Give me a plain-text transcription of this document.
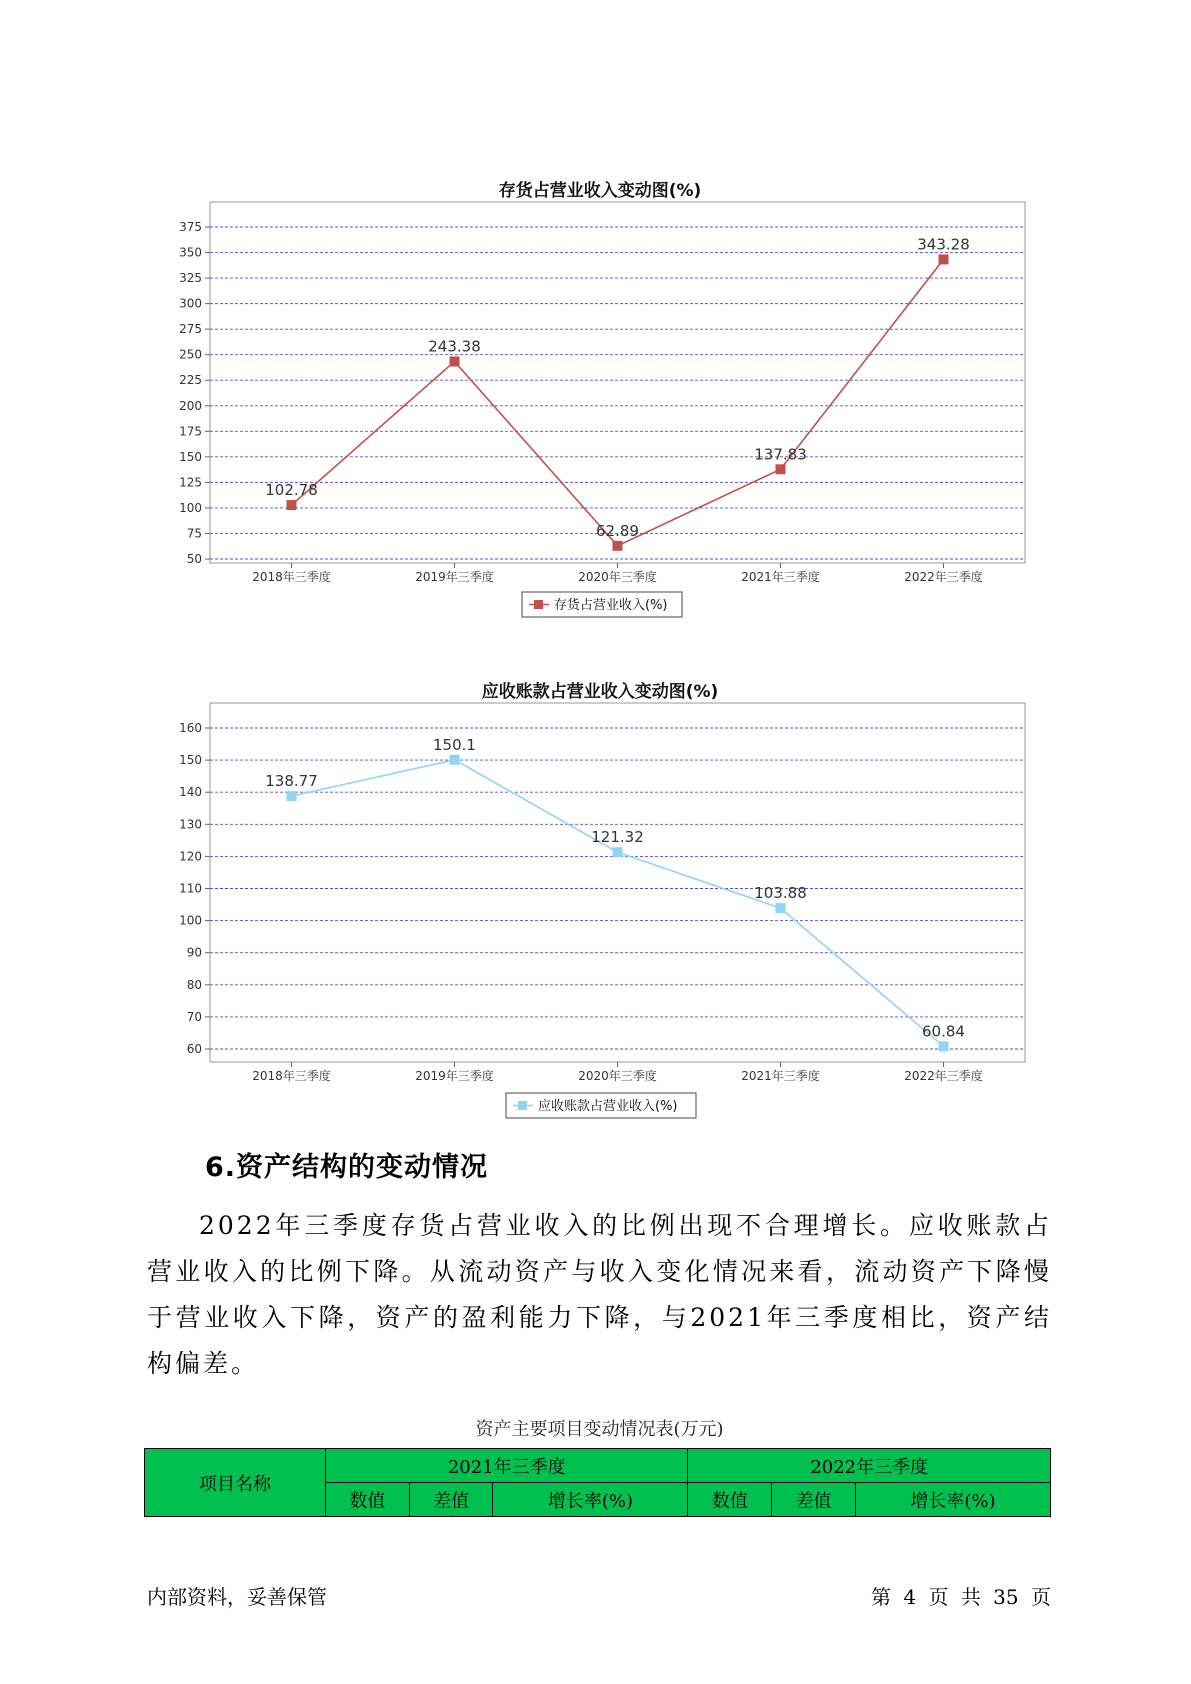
存货占营业收入变动图(%)
50
75
100
125
150
175
200
225
250
275
300
325
350
375
2018年三季度	2019年三季度	2020年三季度	2021年三季度	2022年三季度
102.78
243.38
62.89
137.83
343.28
存货占营业收入(%)
应收账款占营业收入变动图(%)
60
70
80
90
100
110
120
130
140
150
160
2018年三季度	2019年三季度	2020年三季度	2021年三季度	2022年三季度
138.77
150.1
121.32
103.88
60.84
应收账款占营业收入(%)
6.资产结构的变动情况
2022年三季度存货占营业收入的比例出现不合理增长。应收账款占营业收入的比例下降。从流动资产与收入变化情况来看，流动资产下降慢于营业收入下降，资产的盈利能力下降，与2021年三季度相比，资产结构偏差。
资产主要项目变动情况表(万元)
项目名称	2021年三季度			2022年三季度		
	数值	差值	增长率(%)	数值	差值	增长率(%)
内部资料，妥善保管	第 4 页 共 35 页
